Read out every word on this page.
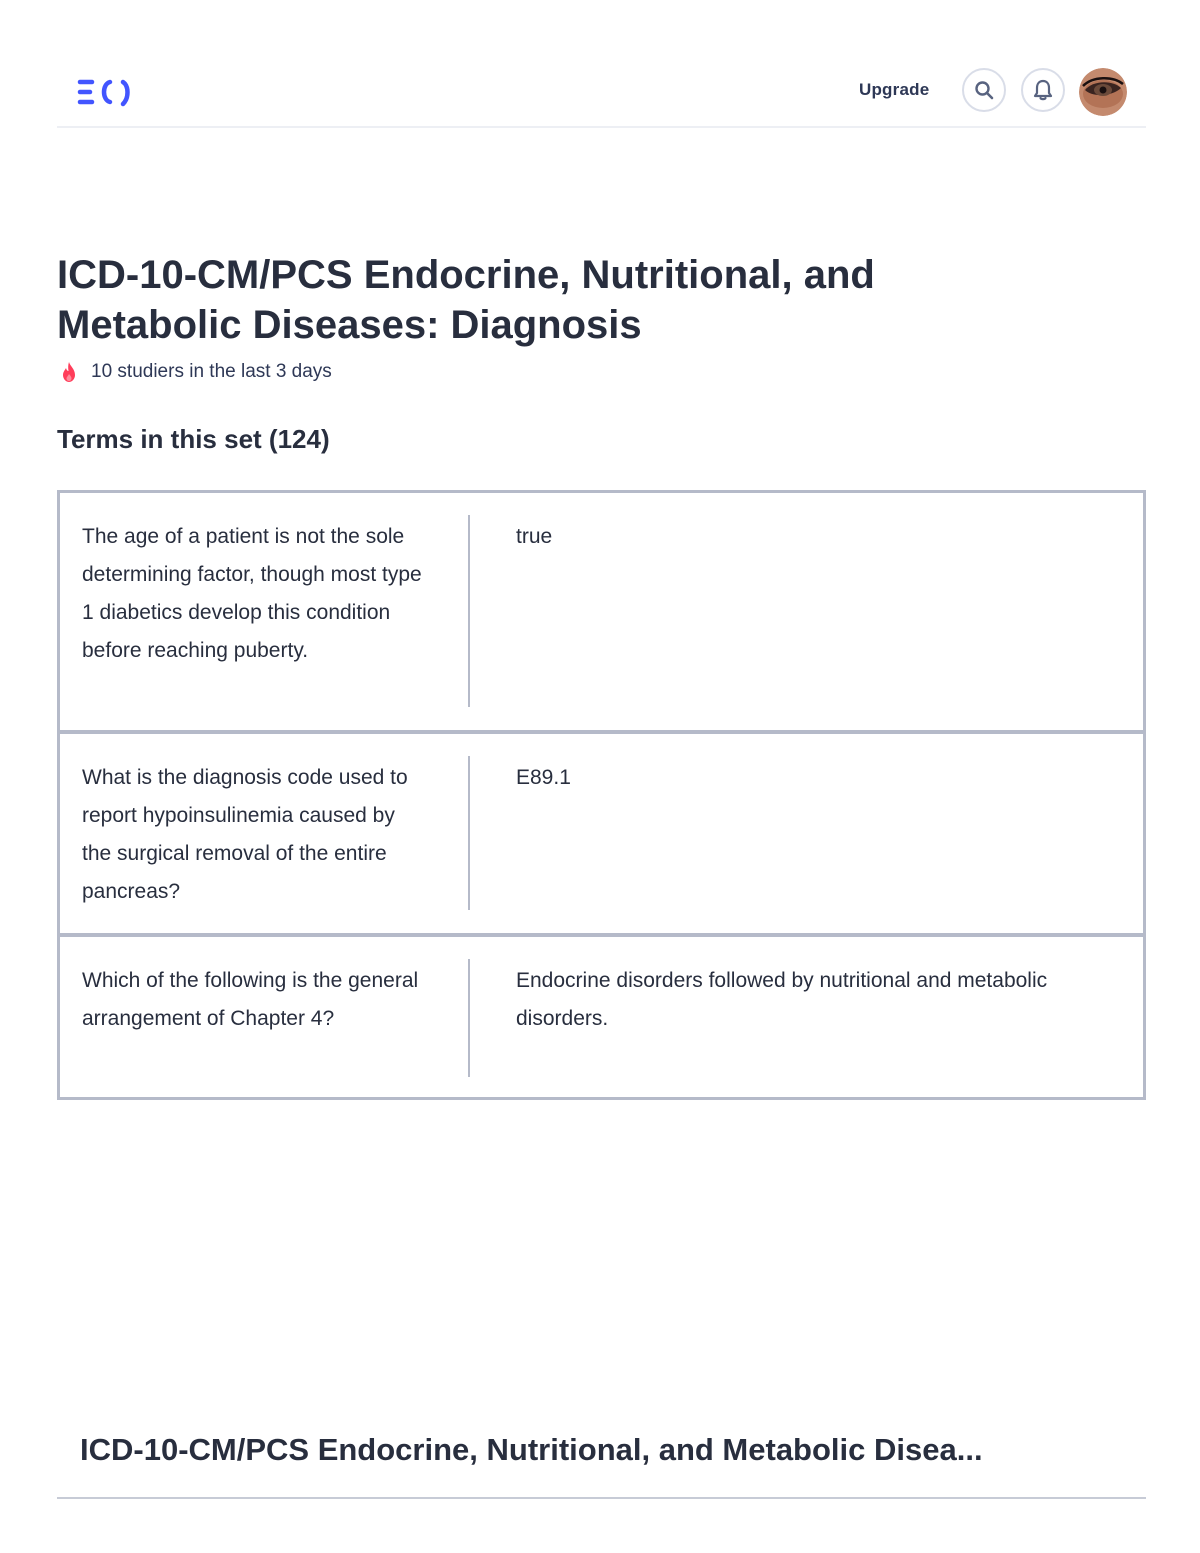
Upgrade
ICD-10-CM/PCS Endocrine, Nutritional, and Metabolic Diseases: Diagnosis
10 studiers in the last 3 days
Terms in this set (124)
The age of a patient is not the sole determining factor, though most type 1 diabetics develop this condition before reaching puberty.
true
What is the diagnosis code used to report hypoinsulinemia caused by the surgical removal of the entire pancreas?
E89.1
Which of the following is the general arrangement of Chapter 4?
Endocrine disorders followed by nutritional and metabolic disorders.
ICD-10-CM/PCS Endocrine, Nutritional, and Metabolic Disea...
